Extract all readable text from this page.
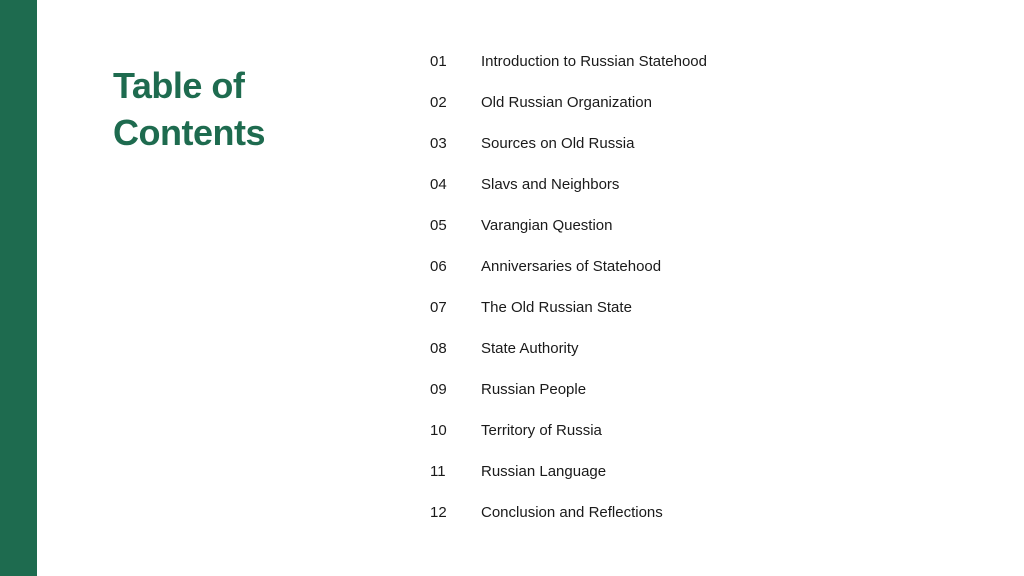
Table of
Contents
01	Introduction to Russian Statehood
02	Old Russian Organization
03	Sources on Old Russia
04	Slavs and Neighbors
05	Varangian Question
06	Anniversaries of Statehood
07	The Old Russian State
08	State Authority
09	Russian People
10	Territory of Russia
11	Russian Language
12	Conclusion and Reflections
